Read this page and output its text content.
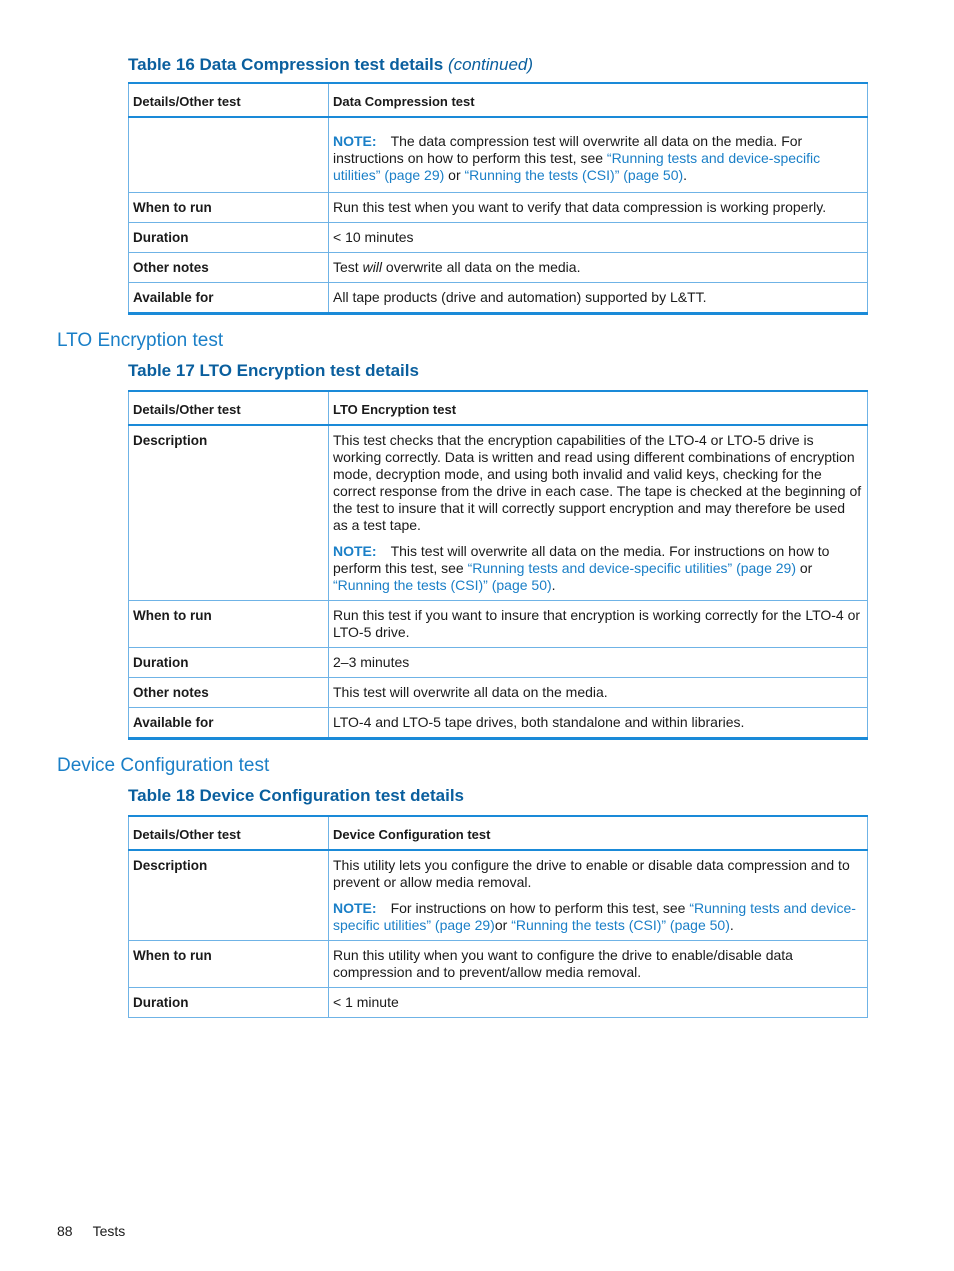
Table 16 Data Compression test details (continued)
Details/Other test	Data Compression test
	NOTE: The data compression test will overwrite all data on the media. For instructions on how to perform this test, see “Running tests and device-specific utilities” (page 29) or “Running the tests (CSI)” (page 50).
When to run	Run this test when you want to verify that data compression is working properly.
Duration	< 10 minutes
Other notes	Test will overwrite all data on the media.
Available for	All tape products (drive and automation) supported by L&TT.
LTO Encryption test
Table 17 LTO Encryption test details
Details/Other test	LTO Encryption test
Description	This test checks that the encryption capabilities of the LTO-4 or LTO-5 drive is working correctly. Data is written and read using different combinations of encryption mode, decryption mode, and using both invalid and valid keys, checking for the correct response from the drive in each case. The tape is checked at the beginning of the test to insure that it will correctly support encryption and may therefore be used as a test tape.

NOTE: This test will overwrite all data on the media. For instructions on how to perform this test, see “Running tests and device-specific utilities” (page 29) or “Running the tests (CSI)” (page 50).

When to run	Run this test if you want to insure that encryption is working correctly for the LTO-4 or LTO-5 drive.
Duration	2–3 minutes
Other notes	This test will overwrite all data on the media.
Available for	LTO-4 and LTO-5 tape drives, both standalone and within libraries.
Device Configuration test
Table 18 Device Configuration test details
Details/Other test	Device Configuration test
Description	This utility lets you configure the drive to enable or disable data compression and to prevent or allow media removal.

NOTE: For instructions on how to perform this test, see “Running tests and device-specific utilities” (page 29)or “Running the tests (CSI)” (page 50).

When to run	Run this utility when you want to configure the drive to enable/disable data compression and to prevent/allow media removal.
Duration	< 1 minute
88 Tests
